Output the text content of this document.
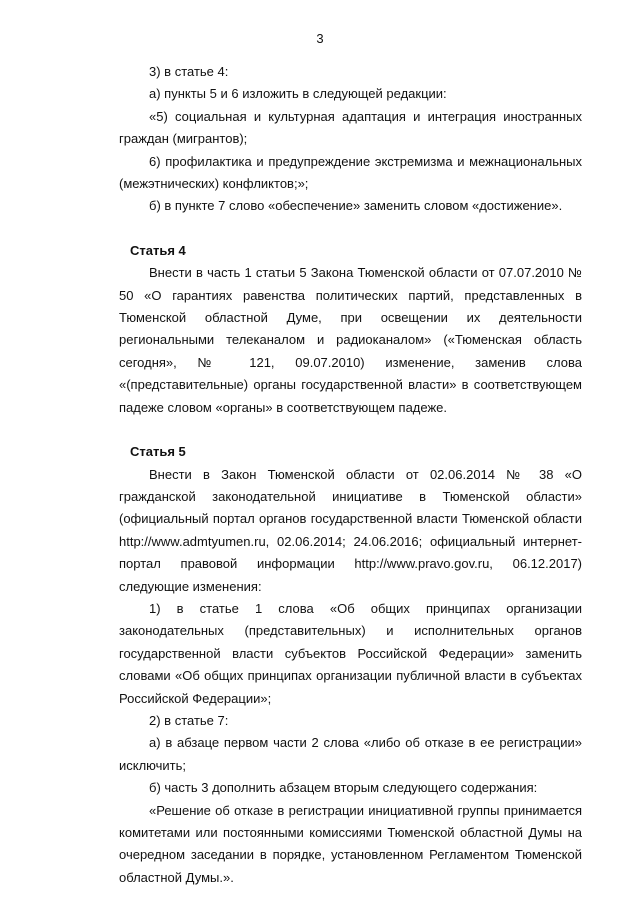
3

3) в статье 4:

а) пункты 5 и 6 изложить в следующей редакции:

«5) социальная и культурная адаптация и интеграция иностранных граждан (мигрантов);

6) профилактика и предупреждение экстремизма и межнациональных (межэтнических) конфликтов;»;

б) в пункте 7 слово «обеспечение» заменить словом «достижение».

Статья 4

Внести в часть 1 статьи 5 Закона Тюменской области от 07.07.2010 № 50 «О гарантиях равенства политических партий, представленных в Тюменской областной Думе, при освещении их деятельности региональными телеканалом и радиоканалом» («Тюменская область сегодня», № 121, 09.07.2010) изменение, заменив слова «(представительные) органы государственной власти» в соответствующем падеже словом «органы» в соответствующем падеже.

Статья 5

Внести в Закон Тюменской области от 02.06.2014 № 38 «О гражданской законодательной инициативе в Тюменской области» (официальный портал органов государственной власти Тюменской области http://www.admtyumen.ru, 02.06.2014; 24.06.2016; официальный интернет-портал правовой информации http://www.pravo.gov.ru, 06.12.2017) следующие изменения:

1) в статье 1 слова «Об общих принципах организации законодательных (представительных) и исполнительных органов государственной власти субъектов Российской Федерации» заменить словами «Об общих принципах организации публичной власти в субъектах Российской Федерации»;

2) в статье 7:

а) в абзаце первом части 2 слова «либо об отказе в ее регистрации» исключить;

б) часть 3 дополнить абзацем вторым следующего содержания:

«Решение об отказе в регистрации инициативной группы принимается комитетами или постоянными комиссиями Тюменской областной Думы на очередном заседании в порядке, установленном Регламентом Тюменской областной Думы.».
